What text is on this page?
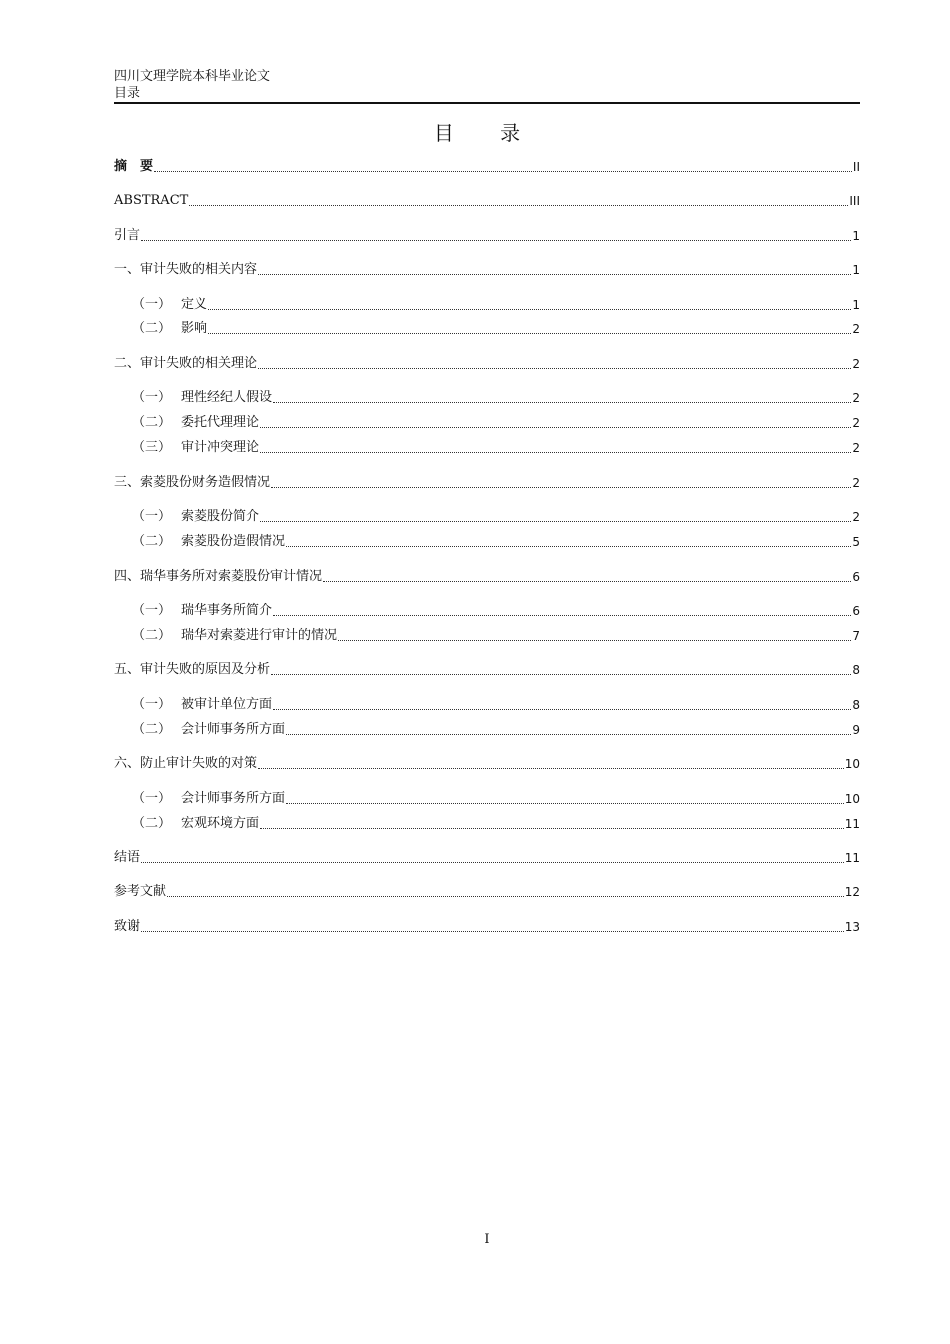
四川文理学院本科毕业论文
目录
目 录
摘　要	II
ABSTRACT	III
引言	1
一、审计失败的相关内容	1
（一） 定义	1
（二） 影响	2
二、审计失败的相关理论	2
（一） 理性经纪人假设	2
（二） 委托代理理论	2
（三） 审计冲突理论	2
三、索菱股份财务造假情况	2
（一） 索菱股份简介	2
（二） 索菱股份造假情况	5
四、瑞华事务所对索菱股份审计情况	6
（一） 瑞华事务所简介	6
（二） 瑞华对索菱进行审计的情况	7
五、审计失败的原因及分析	8
（一） 被审计单位方面	8
（二） 会计师事务所方面	9
六、防止审计失败的对策	10
（一） 会计师事务所方面	10
（二） 宏观环境方面	11
结语	11
参考文献	12
致谢	13
I
